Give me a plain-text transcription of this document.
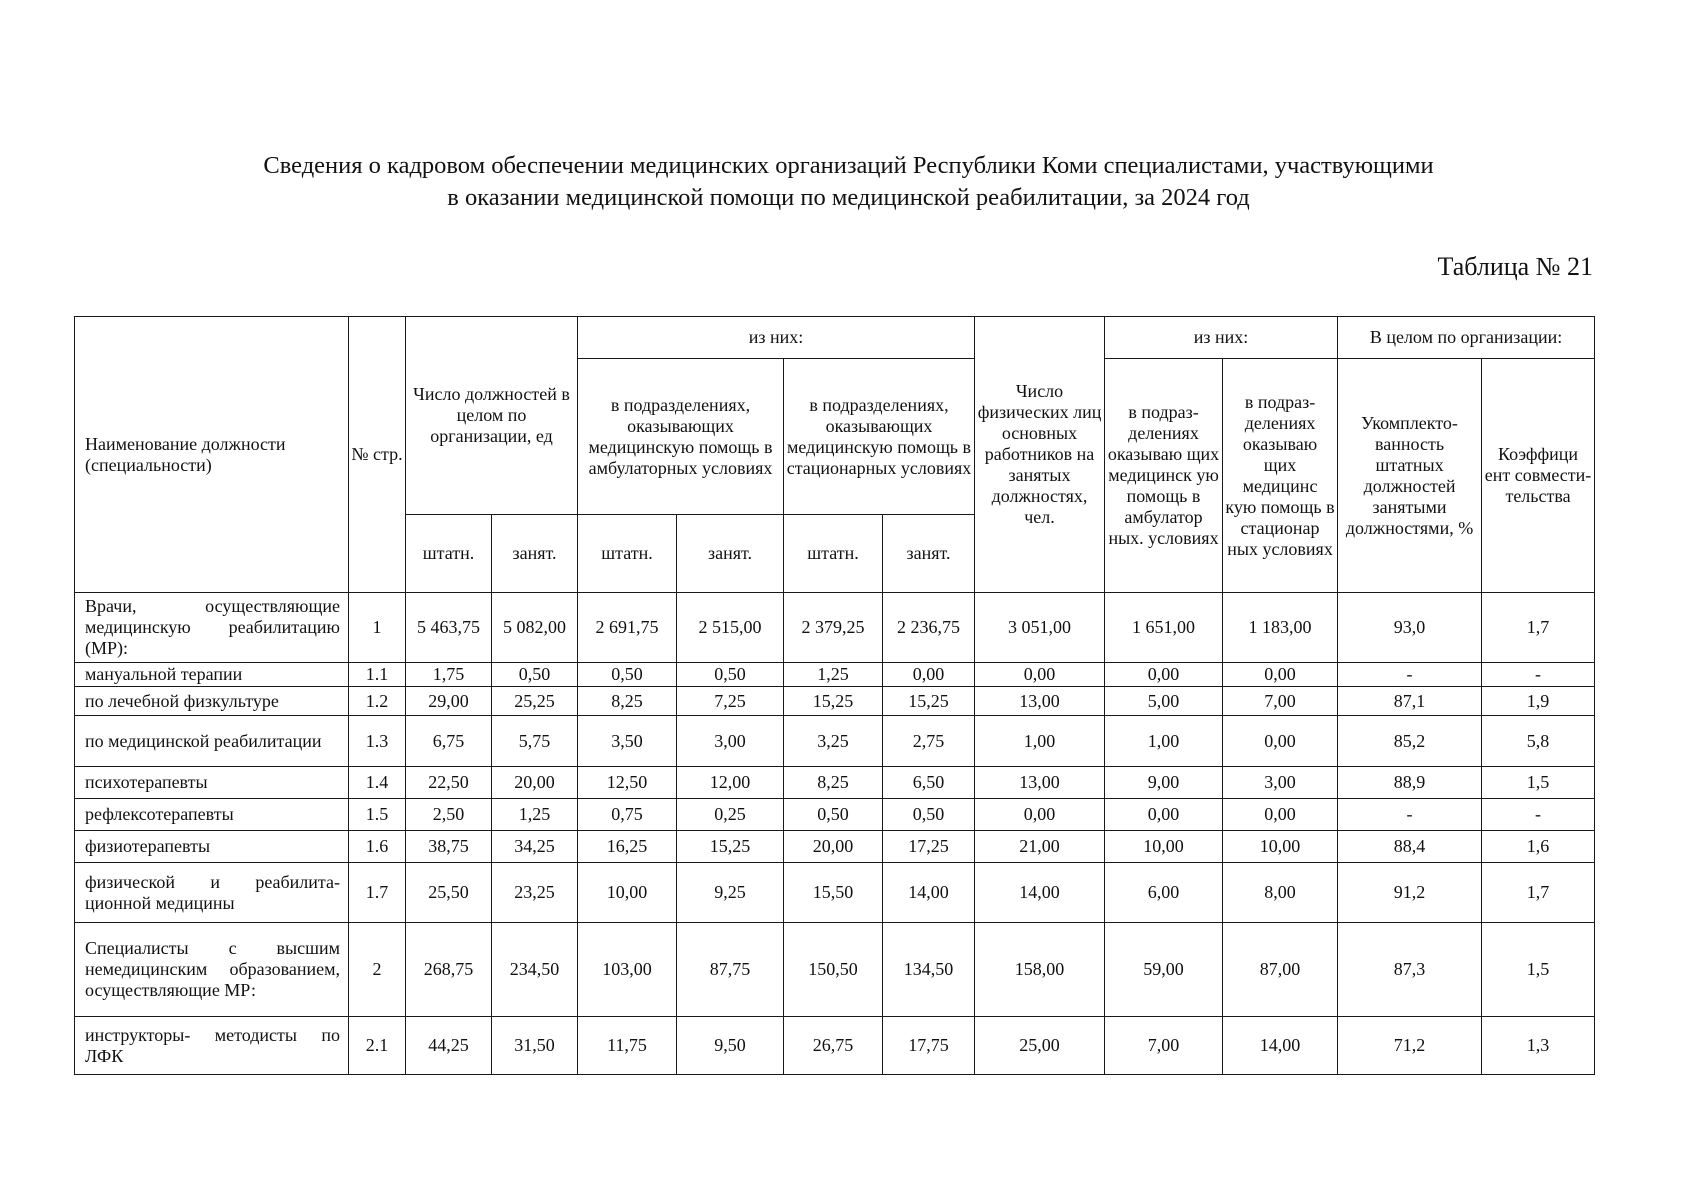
Сведения о кадровом обеспечении медицинских организаций Республики Коми специалистами, участвующими
в оказании медицинской помощи по медицинской реабилитации, за 2024 год
Таблица № 21
Наименование должности (специальности)	№ стр.	Число должностей в целом по организации, ед		из них:				Число физических лиц основных работников на занятых должностях, чел.	из них:		В целом по организации:	
				в подразделениях, оказывающих медицинскую помощь в амбулаторных условиях		в подразделениях, оказывающих медицинскую помощь в стационарных условиях			в подраз-делениях оказываю щих медицинск ую помощь в амбулатор ных. условиях	в подраз-делениях оказываю щих медицинс кую помощь в стационар ных условиях	Укомплекто-ванность штатных должностей занятыми должностями, %	Коэффици ент совмести-тельства
		штатн.	занят.	штатн.	занят.	штатн.	занят.					
Врачи, осуществляющие медицинскую реабилитацию (МР):	1	5 463,75	5 082,00	2 691,75	2 515,00	2 379,25	2 236,75	3 051,00	1 651,00	1 183,00	93,0	1,7
мануальной терапии	1.1	1,75	0,50	0,50	0,50	1,25	0,00	0,00	0,00	0,00	-	-
по лечебной физкультуре	1.2	29,00	25,25	8,25	7,25	15,25	15,25	13,00	5,00	7,00	87,1	1,9
по медицинской реабилитации	1.3	6,75	5,75	3,50	3,00	3,25	2,75	1,00	1,00	0,00	85,2	5,8
психотерапевты	1.4	22,50	20,00	12,50	12,00	8,25	6,50	13,00	9,00	3,00	88,9	1,5
рефлексотерапевты	1.5	2,50	1,25	0,75	0,25	0,50	0,50	0,00	0,00	0,00	-	-
физиотерапевты	1.6	38,75	34,25	16,25	15,25	20,00	17,25	21,00	10,00	10,00	88,4	1,6
физической и реабилита-ционной медицины	1.7	25,50	23,25	10,00	9,25	15,50	14,00	14,00	6,00	8,00	91,2	1,7
Специалисты с высшим немедицинским образованием, осуществляющие МР:	2	268,75	234,50	103,00	87,75	150,50	134,50	158,00	59,00	87,00	87,3	1,5
инструкторы- методисты по ЛФК	2.1	44,25	31,50	11,75	9,50	26,75	17,75	25,00	7,00	14,00	71,2	1,3
